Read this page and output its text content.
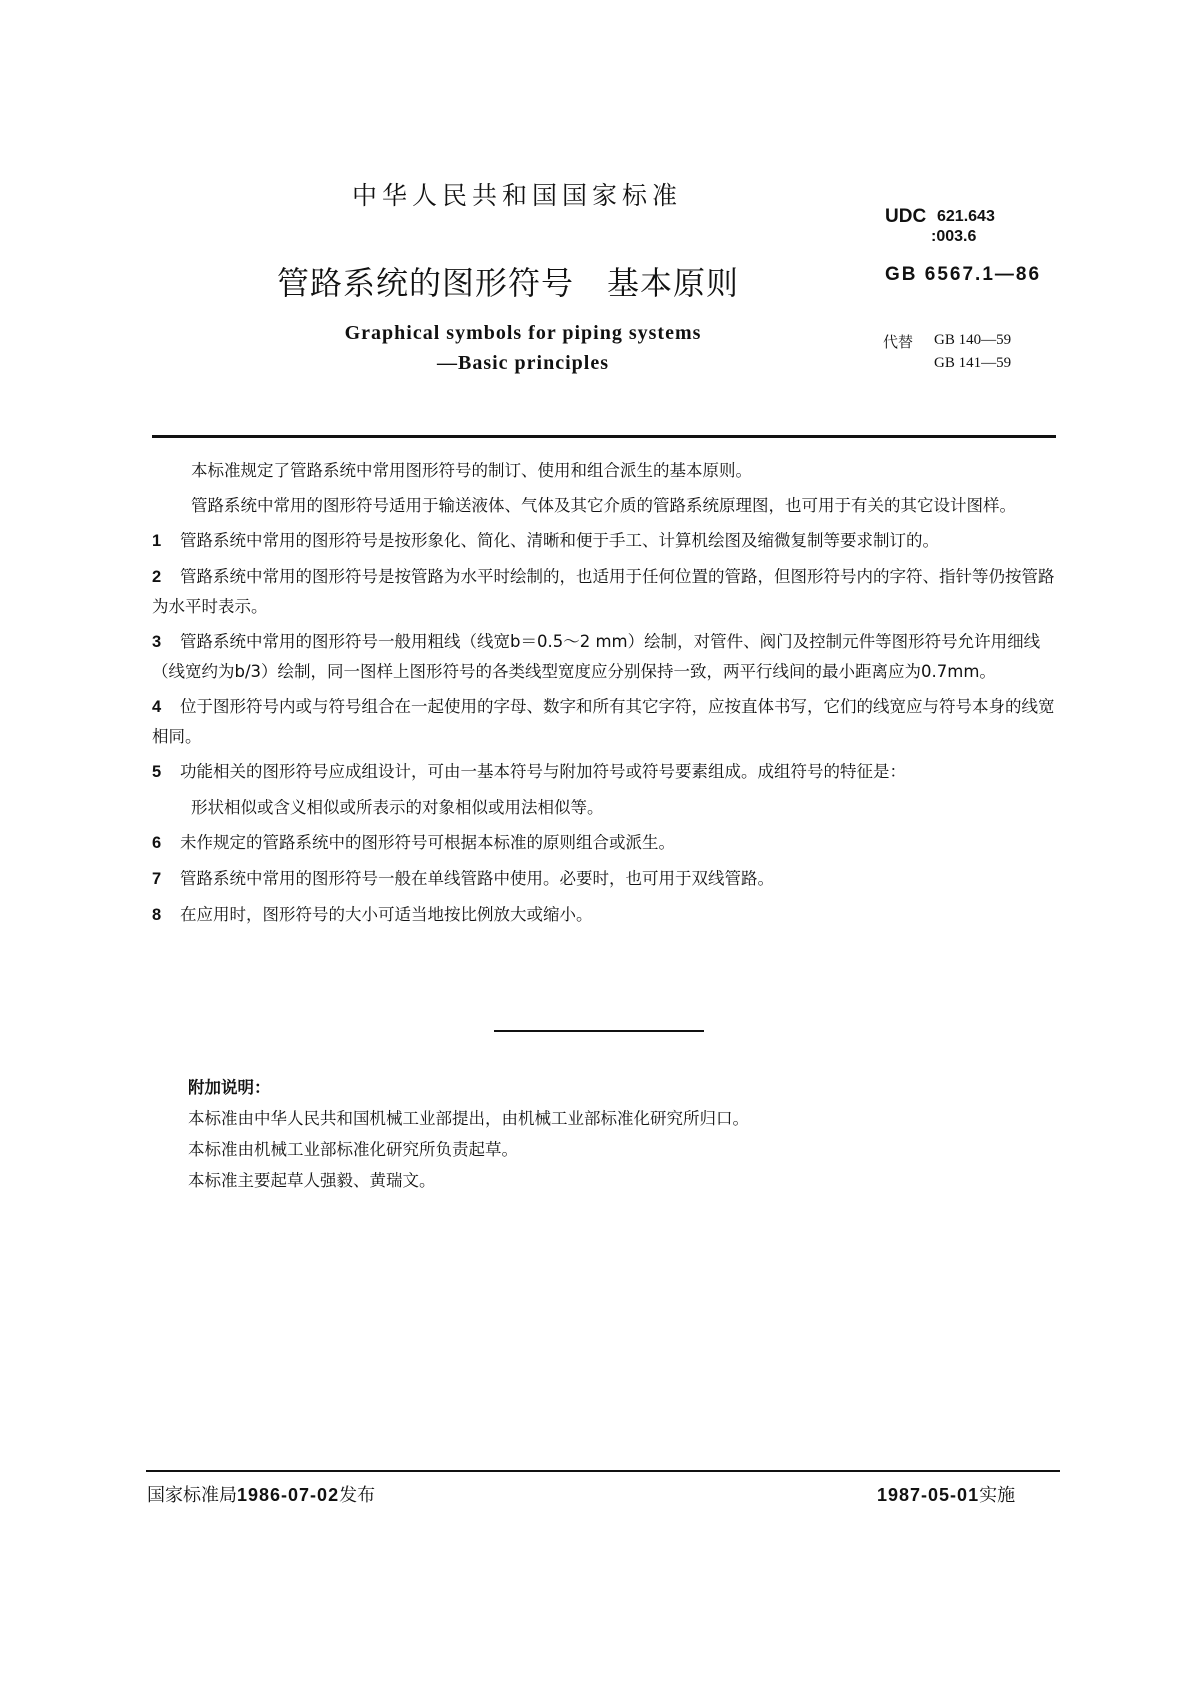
中华人民共和国国家标准
UDC 621.643
:003.6
管路系统的图形符号　基本原则	GB 6567.1—86
Graphical symbols for piping systems
—Basic principles
代替 GB 140—59
GB 141—59

本标准规定了管路系统中常用图形符号的制订、使用和组合派生的基本原则。

管路系统中常用的图形符号适用于输送液体、气体及其它介质的管路系统原理图，也可用于有关的其它设计图样。

1 管路系统中常用的图形符号是按形象化、简化、清晰和便于手工、计算机绘图及缩微复制等要求制订的。

2 管路系统中常用的图形符号是按管路为水平时绘制的，也适用于任何位置的管路，但图形符号内的字符、指针等仍按管路为水平时表示。

3 管路系统中常用的图形符号一般用粗线（线宽b＝0.5～2 mm）绘制，对管件、阀门及控制元件等图形符号允许用细线（线宽约为b/3）绘制，同一图样上图形符号的各类线型宽度应分别保持一致，两平行线间的最小距离应为0.7mm。

4 位于图形符号内或与符号组合在一起使用的字母、数字和所有其它字符，应按直体书写，它们的线宽应与符号本身的线宽相同。

5 功能相关的图形符号应成组设计，可由一基本符号与附加符号或符号要素组成。成组符号的特征是：

形状相似或含义相似或所表示的对象相似或用法相似等。

6 未作规定的管路系统中的图形符号可根据本标准的原则组合或派生。

7 管路系统中常用的图形符号一般在单线管路中使用。必要时，也可用于双线管路。

8 在应用时，图形符号的大小可适当地按比例放大或缩小。

附加说明：

本标准由中华人民共和国机械工业部提出，由机械工业部标准化研究所归口。

本标准由机械工业部标准化研究所负责起草。

本标准主要起草人强毅、黄瑞文。

国家标准局1986-07-02发布	1987-05-01实施
